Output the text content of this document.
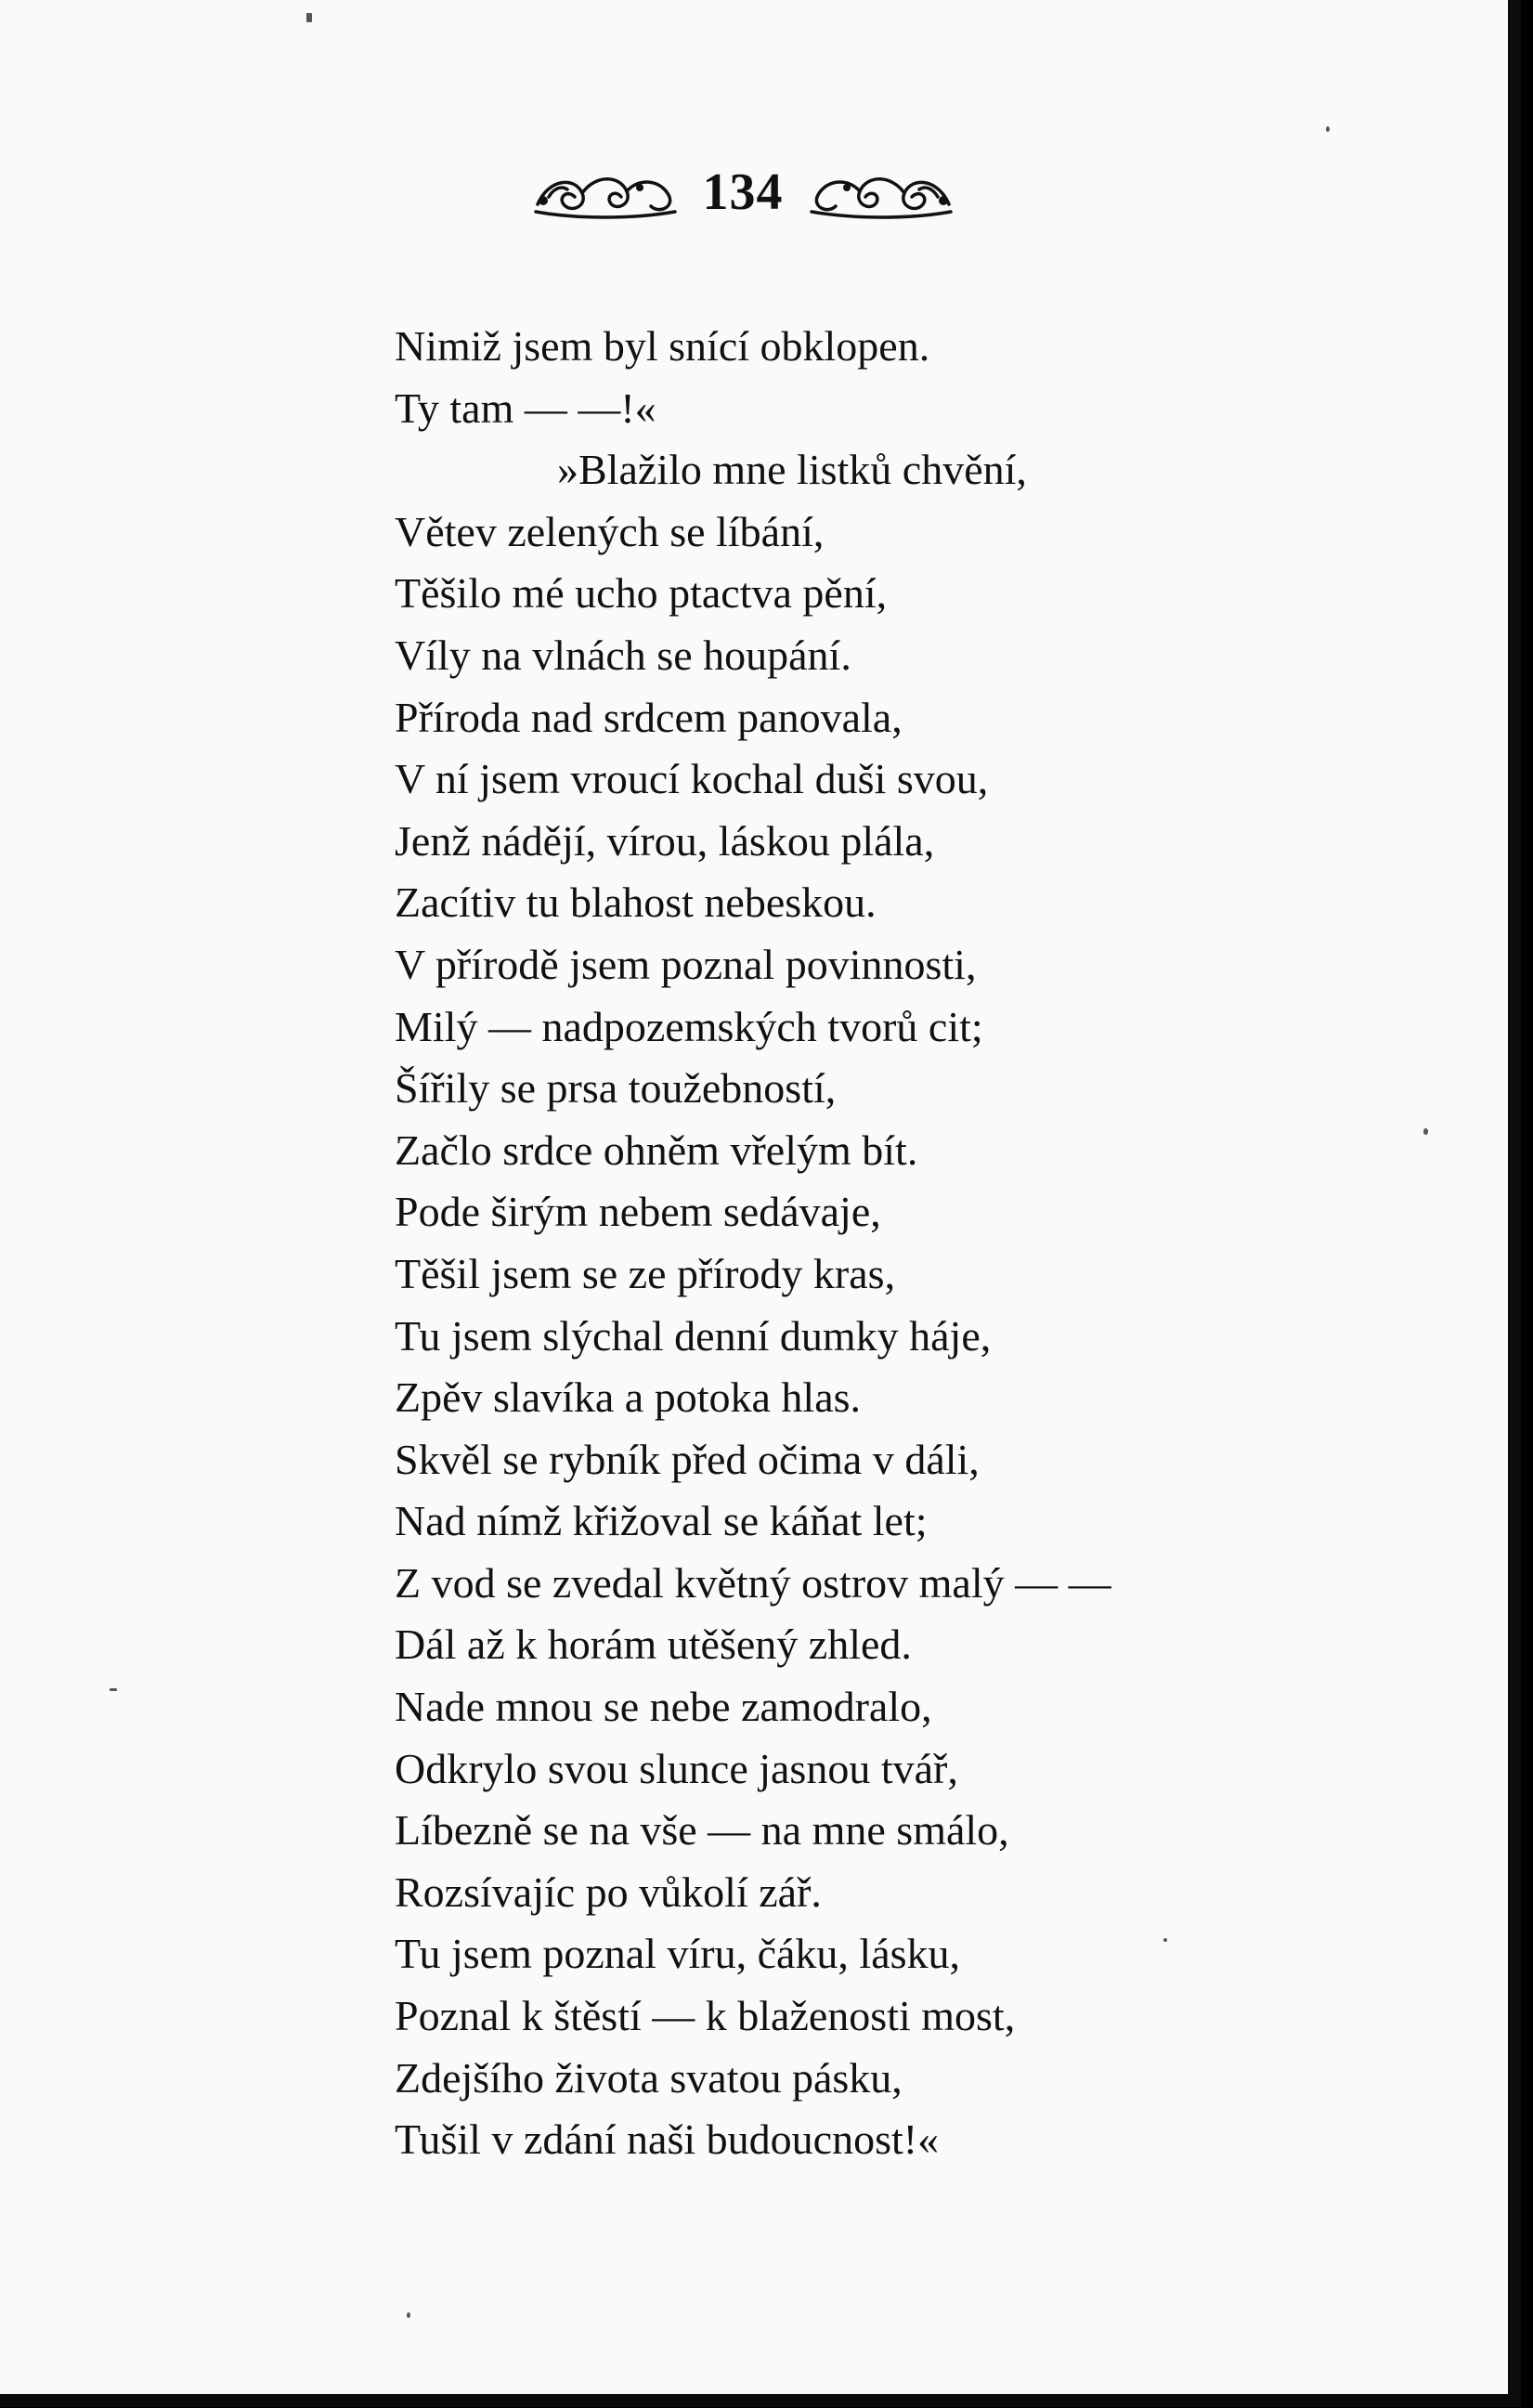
134
Nimiž jsem byl snící obklopen.
Ty tam — —!«
»Blažilo mne listků chvění,
Větev zelených se líbání,
Těšilo mé ucho ptactva pění,
Víly na vlnách se houpání.
Příroda nad srdcem panovala,
V ní jsem vroucí kochal duši svou,
Jenž nádějí, vírou, láskou plála,
Zacítiv tu blahost nebeskou.
V přírodě jsem poznal povinnosti,
Milý — nadpozemských tvorů cit;
Šířily se prsa toužebností,
Začlo srdce ohněm vřelým bít.
Pode širým nebem sedávaje,
Těšil jsem se ze přírody kras,
Tu jsem slýchal denní dumky háje,
Zpěv slavíka a potoka hlas.
Skvěl se rybník před očima v dáli,
Nad nímž křižoval se káňat let;
Z vod se zvedal květný ostrov malý — —
Dál až k horám utěšený zhled.
Nade mnou se nebe zamodralo,
Odkrylo svou slunce jasnou tvář,
Líbezně se na vše — na mne smálo,
Rozsívajíc po vůkolí zář.
Tu jsem poznal víru, čáku, lásku,
Poznal k štěstí — k blaženosti most,
Zdejšího života svatou pásku,
Tušil v zdání naši budoucnost!«
